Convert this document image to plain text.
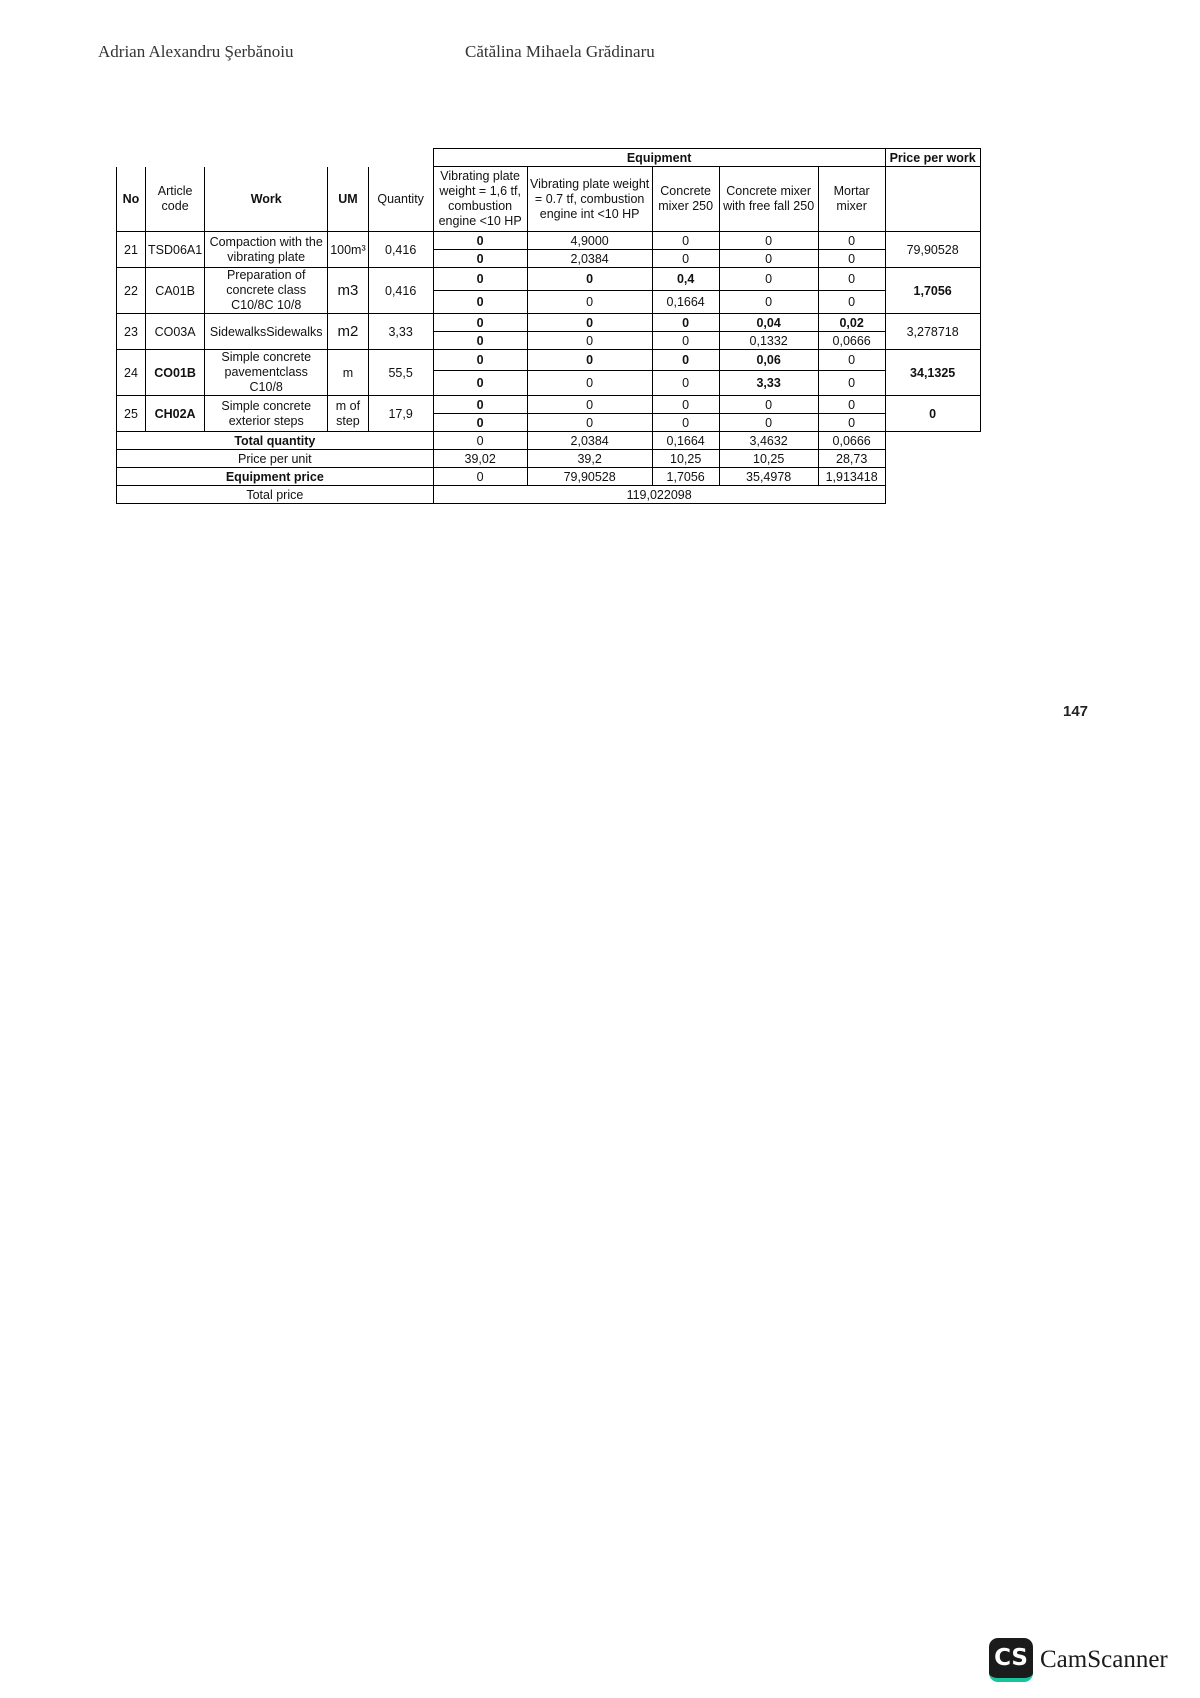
Adrian Alexandru Şerbănoiu	Cătălina Mihaela Grădinaru
					Equipment					Price per work
No	Article code	Work	UM	Quantity	Vibrating plate weight = 1,6 tf, combustion engine <10 HP	Vibrating plate weight = 0.7 tf, combustion engine int <10 HP	Concrete mixer 250	Concrete mixer with free fall 250	Mortar mixer	
21	TSD06A1	Compaction with the vibrating plate	100m³	0,416	0	4,9000	0	0	0	79,90528
					0	2,0384	0	0	0	
22	CA01B	Preparation of concrete class C10/8C 10/8	m3	0,416	0	0	0,4	0	0	1,7056
					0	0	0,1664	0	0	
23	CO03A	SidewalksSidewalks	m2	3,33	0	0	0	0,04	0,02	3,278718
					0	0	0	0,1332	0,0666	
24	CO01B	Simple concrete pavementclass C10/8	m	55,5	0	0	0	0,06	0	34,1325
					0	0	0	3,33	0	
25	CH02A	Simple concrete exterior steps	m of step	17,9	0	0	0	0	0	0
					0	0	0	0	0	
Total quantity					0	2,0384	0,1664	3,4632	0,0666	
Price per unit					39,02	39,2	10,25	10,25	28,73	
Equipment price					0	79,90528	1,7056	35,4978	1,913418	
Total price					119,022098					
147
CS CamScanner
